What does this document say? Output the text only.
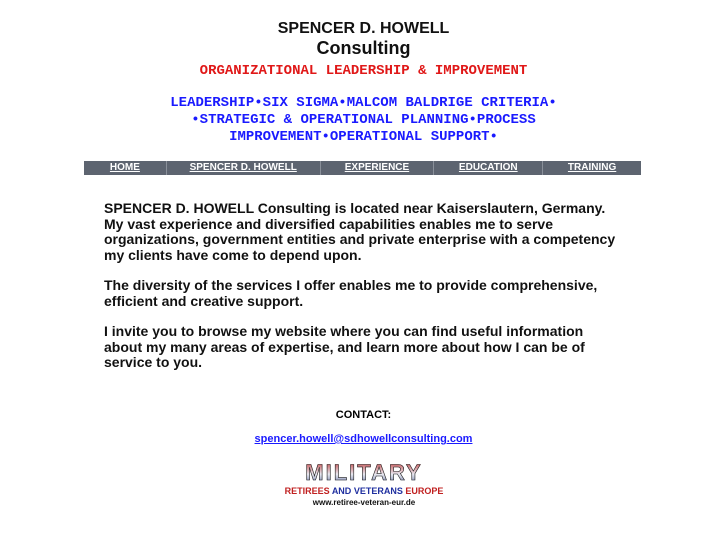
SPENCER D. HOWELL
Consulting
ORGANIZATIONAL LEADERSHIP & IMPROVEMENT
LEADERSHIP•SIX SIGMA•MALCOM BALDRIGE CRITERIA•
•STRATEGIC & OPERATIONAL PLANNING•PROCESS
IMPROVEMENT•OPERATIONAL SUPPORT•
HOME	SPENCER D. HOWELL	EXPERIENCE	EDUCATION	TRAINING
SPENCER D. HOWELL Consulting is located near Kaiserslautern, Germany.

My vast experience and diversified capabilities enables me to serve organizations, government entities and private enterprise with a competency my clients have come to depend upon.

The diversity of the services I offer enables me to provide comprehensive, efficient and creative support.

I invite you to browse my website where you can find useful information about my many areas of expertise, and learn more about how I can be of service to you.

CONTACT:
spencer.howell@sdhowellconsulting.com
MILITARY
RETIREES AND VETERANS EUROPE
www.retiree-veteran-eur.de
